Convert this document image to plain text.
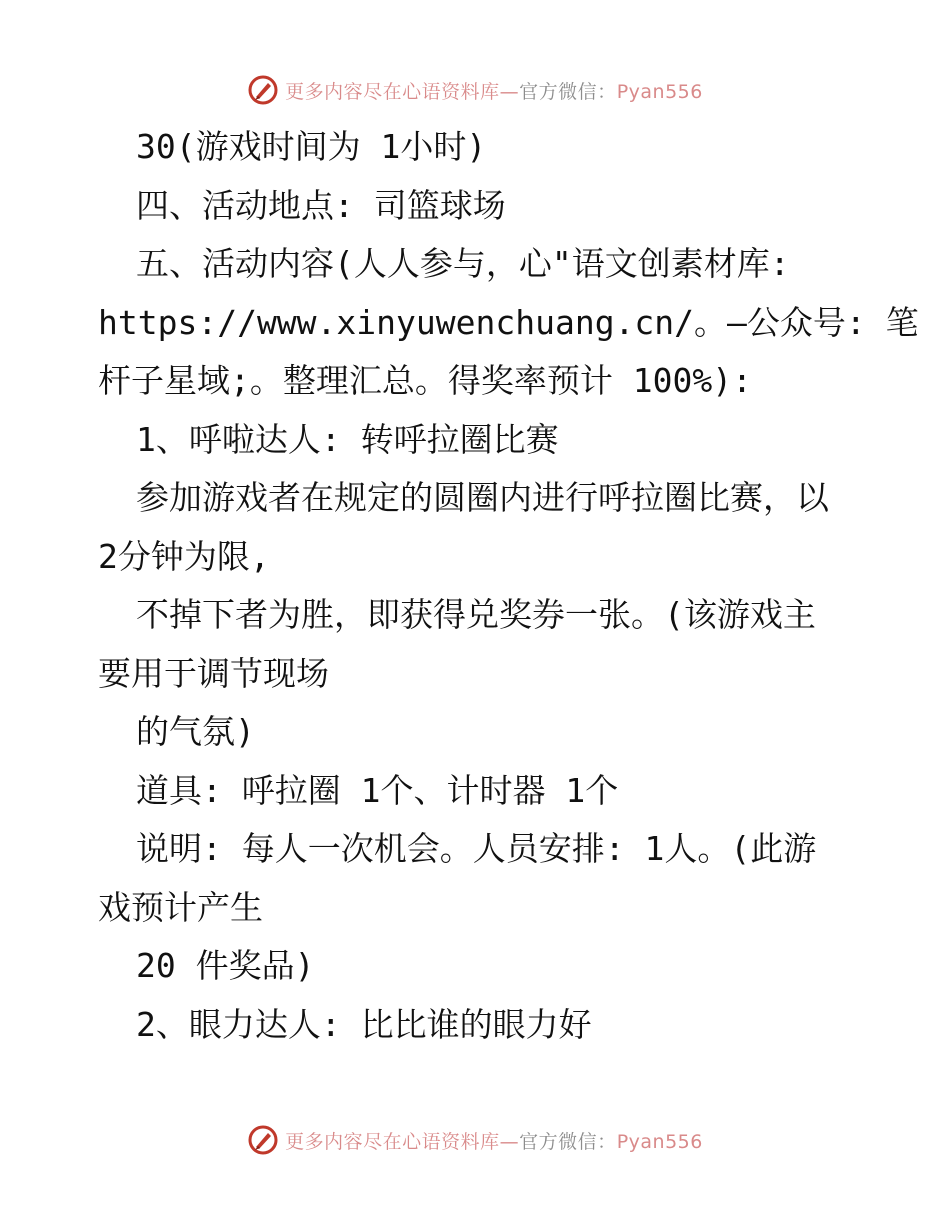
更多内容尽在心语资料库—官方微信：Pyan556

30(游戏时间为 1小时)

四、活动地点: 司篮球场

五、活动内容(人人参与，心"语文创素材库:

https://www.xinyuwenchuang.cn/。—公众号: 笔

杆子星域;。整理汇总。得奖率预计 100%):

1、呼啦达人: 转呼拉圈比赛

参加游戏者在规定的圆圈内进行呼拉圈比赛，以

2分钟为限,

不掉下者为胜，即获得兑奖券一张。(该游戏主

要用于调节现场

的气氛)

道具: 呼拉圈 1个、计时器 1个

说明: 每人一次机会。人员安排: 1人。(此游

戏预计产生

20 件奖品)

2、眼力达人: 比比谁的眼力好

更多内容尽在心语资料库—官方微信：Pyan556
